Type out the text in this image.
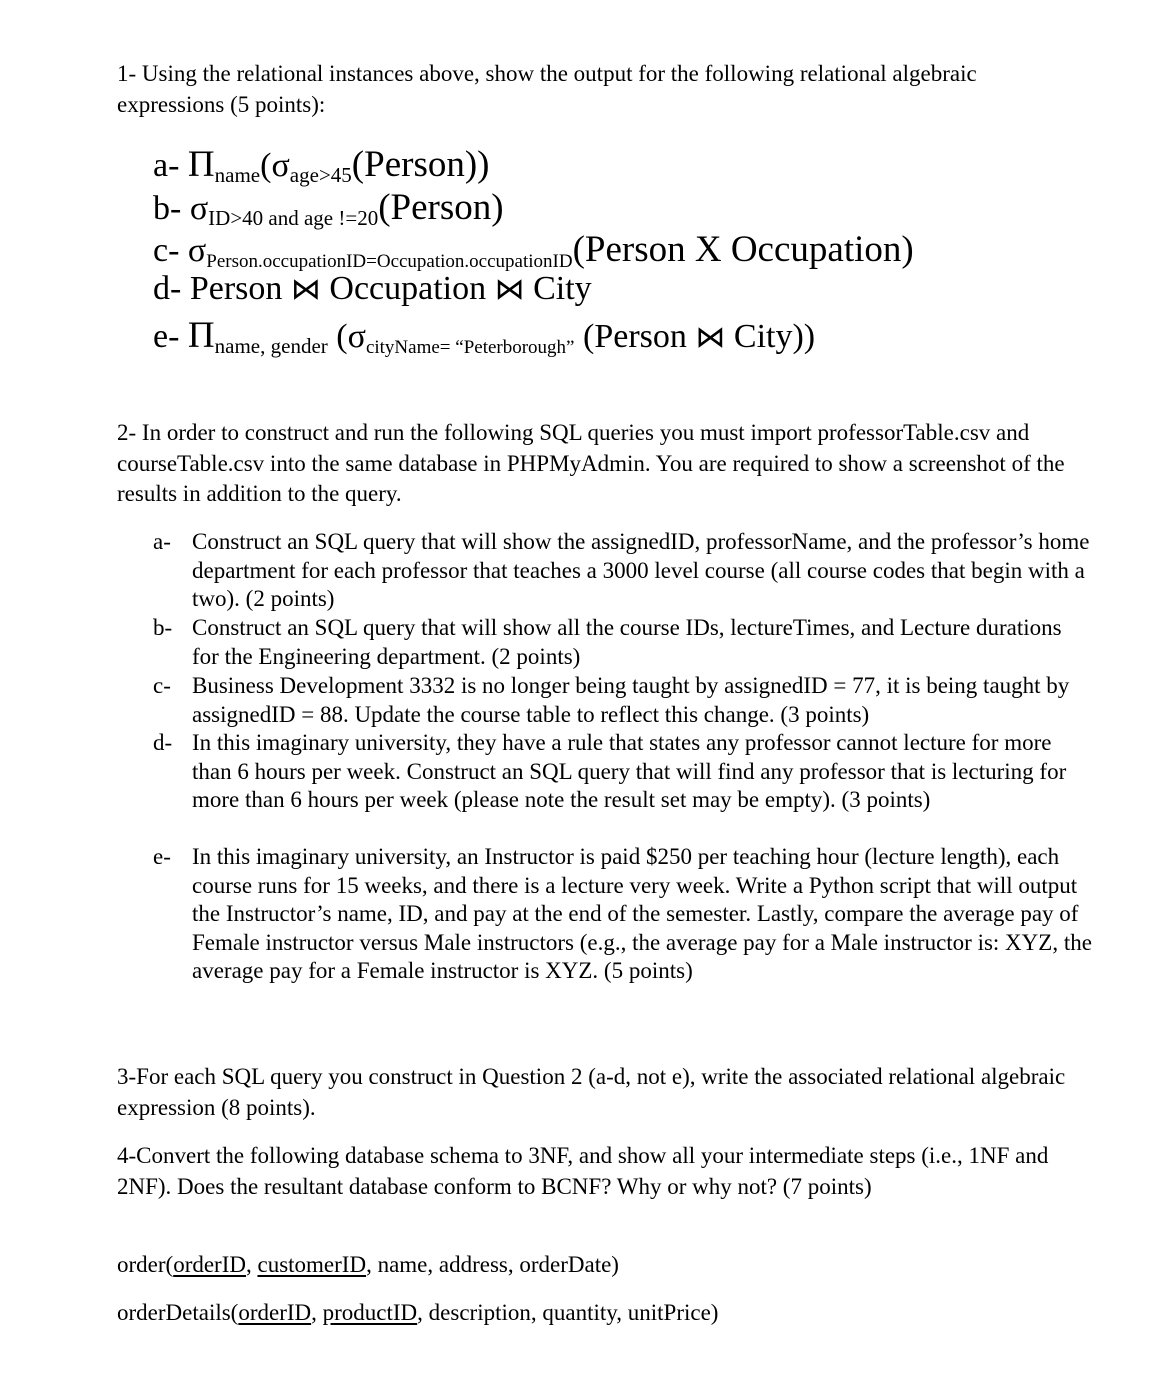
1- Using the relational instances above, show the output for the following relational algebraic expressions (5 points):

a- Πname(σage>45(Person))
b- σID>40 and age !=20(Person)
c- σPerson.occupationID=Occupation.occupationID(Person X Occupation)
d- Person ⋈ Occupation ⋈ City
e- Πname, gender (σcityName= “Peterborough” (Person ⋈ City))

2- In order to construct and run the following SQL queries you must import professorTable.csv and courseTable.csv into the same database in PHPMyAdmin. You are required to show a screenshot of the results in addition to the query.

a- Construct an SQL query that will show the assignedID, professorName, and the professor’s home department for each professor that teaches a 3000 level course (all course codes that begin with a two). (2 points)
b- Construct an SQL query that will show all the course IDs, lectureTimes, and Lecture durations for the Engineering department. (2 points)
c- Business Development 3332 is no longer being taught by assignedID = 77, it is being taught by assignedID = 88. Update the course table to reflect this change. (3 points)
d- In this imaginary university, they have a rule that states any professor cannot lecture for more than 6 hours per week. Construct an SQL query that will find any professor that is lecturing for more than 6 hours per week (please note the result set may be empty). (3 points)
e- In this imaginary university, an Instructor is paid $250 per teaching hour (lecture length), each course runs for 15 weeks, and there is a lecture very week. Write a Python script that will output the Instructor’s name, ID, and pay at the end of the semester. Lastly, compare the average pay of Female instructor versus Male instructors (e.g., the average pay for a Male instructor is: XYZ, the average pay for a Female instructor is XYZ. (5 points)

3-For each SQL query you construct in Question 2 (a-d, not e), write the associated relational algebraic expression (8 points).

4-Convert the following database schema to 3NF, and show all your intermediate steps (i.e., 1NF and 2NF). Does the resultant database conform to BCNF? Why or why not? (7 points)

order(orderID, customerID, name, address, orderDate)

orderDetails(orderID, productID, description, quantity, unitPrice)
